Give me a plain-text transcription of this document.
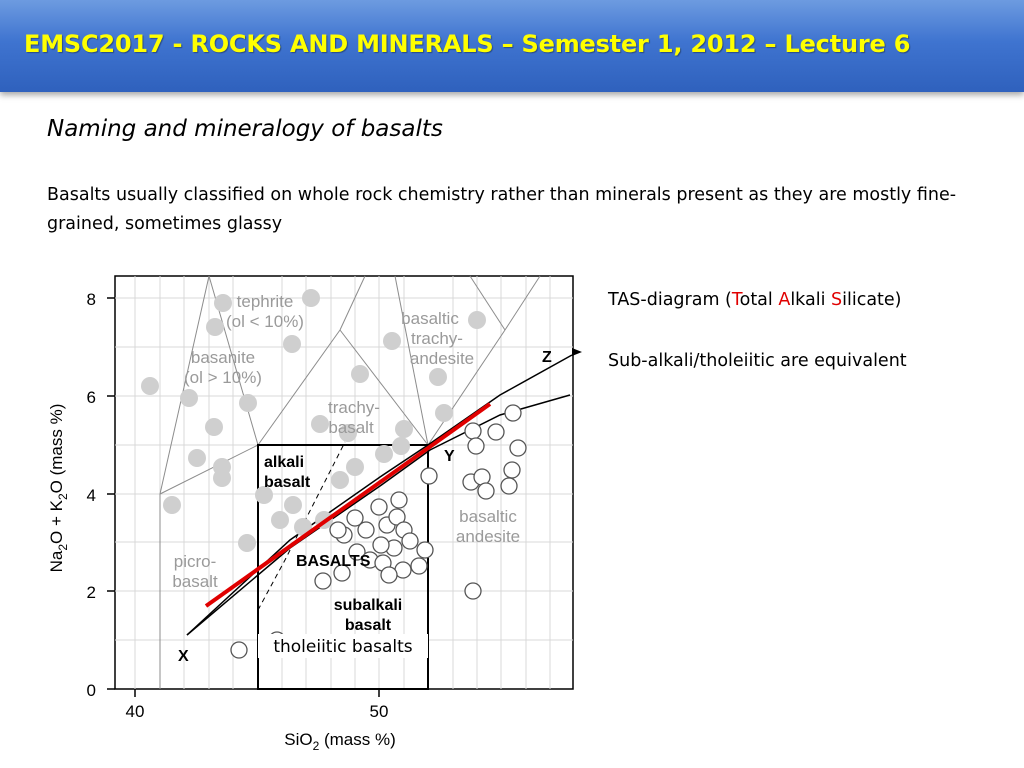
EMSC2017 - ROCKS AND MINERALS – Semester 1, 2012 – Lecture 6
Naming and mineralogy of basalts
Basalts usually classified on whole rock chemistry rather than minerals present as they are mostly fine-grained, sometimes glassy
TAS-diagram (Total Alkali Silicate)
Sub-alkali/tholeiitic are equivalent
tephrite
(ol < 10%)
basanite
(ol > 10%)
basaltic
trachy-
andesite
trachy-
basalt
picro-
basalt
basaltic
andesite
alkali
basalt
BASALTS
subalkali
basalt
X
Y
Z
tholeiitic basalts
0
2
4
6
8
40	50
SiO$_2$ (mass %)
$Na_2O + K_2O$ (mass %)
